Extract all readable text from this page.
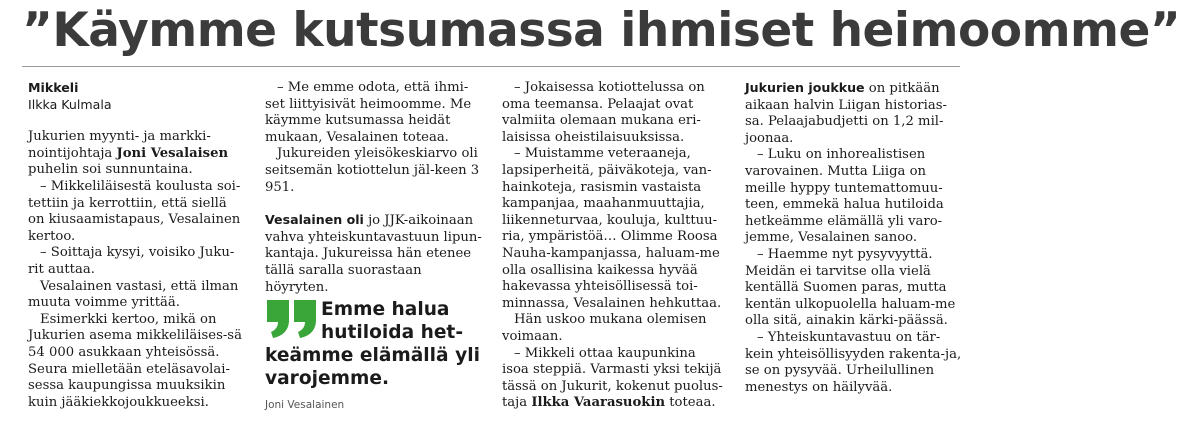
”Käymme kutsumassa ihmiset heimoomme”

Mikkeli

Ilkka Kulmala

Jukurien myynti- ja markki-nointijohtaja Joni Vesalaisen puhelin soi sunnuntaina.

– Mikkeliläisestä koulusta soi-tettiin ja kerrottiin, että siellä on kiusaamistapaus, Vesalainen kertoo.

– Soittaja kysyi, voisiko Juku-rit auttaa.

Vesalainen vastasi, että ilman muuta voimme yrittää.

Esimerkki kertoo, mikä on Jukurien asema mikkeliläises-sä 54 000 asukkaan yhteisössä. Seura mielletään eteläsavolai-sessa kaupungissa muuksikin kuin jääkiekkojoukkueeksi.

– Me emme odota, että ihmi-set liittyisivät heimoomme. Me käymme kutsumassa heidät mukaan, Vesalainen toteaa.

Jukureiden yleisökeskiarvo oli seitsemän kotiottelun jäl-keen 3 951.

Vesalainen oli jo JJK-aikoinaan vahva yhteiskuntavastuun lipun-kantaja. Jukureissa hän etenee tällä saralla suorastaan höyryten.

Emme halua
hutiloida het-
keämme elämällä yli
varojemme.
Joni Vesalainen

– Jokaisessa kotiottelussa on oma teemansa. Pelaajat ovat valmiita olemaan mukana eri-laisissa oheistilaisuuksissa.

– Muistamme veteraaneja, lapsiperheitä, päiväkoteja, van-hainkoteja, rasismin vastaista kampanjaa, maahanmuuttajia, liikenneturvaa, kouluja, kulttuu-ria, ympäristöä… Olimme Roosa Nauha-kampanjassa, haluam-me olla osallisina kaikessa hyvää hakevassa yhteisöllisessä toi-minnassa, Vesalainen hehkuttaa.

Hän uskoo mukana olemisen voimaan.

– Mikkeli ottaa kaupunkina isoa steppiä. Varmasti yksi tekijä tässä on Jukurit, kokenut puolus-taja Ilkka Vaarasuokin toteaa.

Jukurien joukkue on pitkään aikaan halvin Liigan historias-sa. Pelaajabudjetti on 1,2 mil-joonaa.

– Luku on inhorealistisen varovainen. Mutta Liiga on meille hyppy tuntemattomuu-teen, emmekä halua hutiloida hetkeämme elämällä yli varo-jemme, Vesalainen sanoo.

– Haemme nyt pysyvyyttä. Meidän ei tarvitse olla vielä kentällä Suomen paras, mutta kentän ulkopuolella haluam-me olla sitä, ainakin kärki-päässä.

– Yhteiskuntavastuu on tär-kein yhteisöllisyyden rakenta-ja, se on pysyvää. Urheilullinen menestys on häilyvää.
